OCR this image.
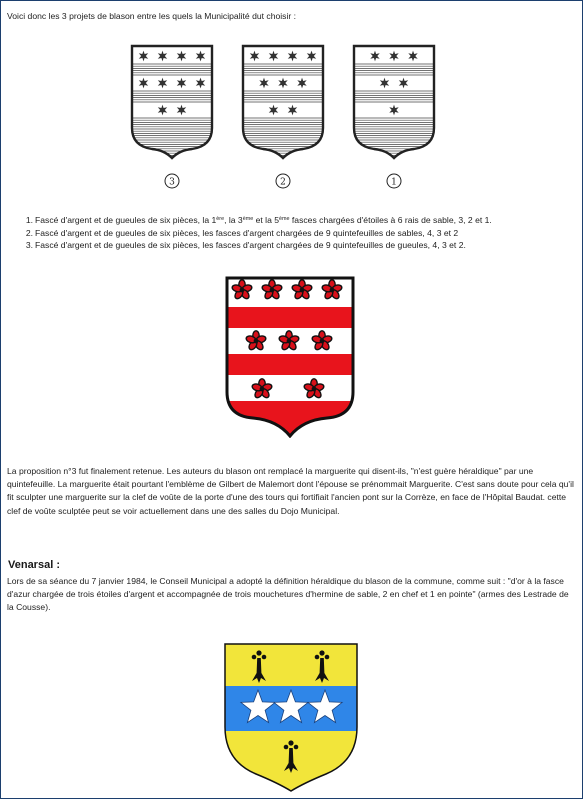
Voici donc les 3 projets de blason entre les quels la Municipalité dut choisir :
3	2	1
1. Fascé d'argent et de gueules de six pièces, la 1ère, la 3ème et la 5ème fasces chargées d'étoiles à 6 rais de sable, 3, 2 et 1.
2. Fascé d'argent et de gueules de six pièces, les fasces d'argent chargées de 9 quintefeuilles de sables, 4, 3 et 2
3. Fascé d'argent et de gueules de six pièces, les fasces d'argent chargées de 9 quintefeuilles de gueules, 4, 3 et 2.
La proposition n°3 fut finalement retenue. Les auteurs du blason ont remplacé la marguerite qui disent-ils, "n'est guère héraldique" par une quintefeuille. La marguerite était pourtant l'emblème de Gilbert de Malemort dont l'épouse se prénommait Marguerite. C'est sans doute pour cela qu'il fit sculpter une marguerite sur la clef de voûte de la porte d'une des tours qui fortifiait l'ancien pont sur la Corrèze, en face de l'Hôpital Baudat. cette clef de voûte sculptée peut se voir actuellement dans une des salles du Dojo Municipal.
Venarsal :
Lors de sa séance du 7 janvier 1984, le Conseil Municipal a adopté la définition héraldique du blason de la commune, comme suit : "d'or à la fasce d'azur chargée de trois étoiles d'argent et accompagnée de trois mouchetures d'hermine de sable, 2 en chef et 1 en pointe" (armes des Lestrade de la Cousse).
